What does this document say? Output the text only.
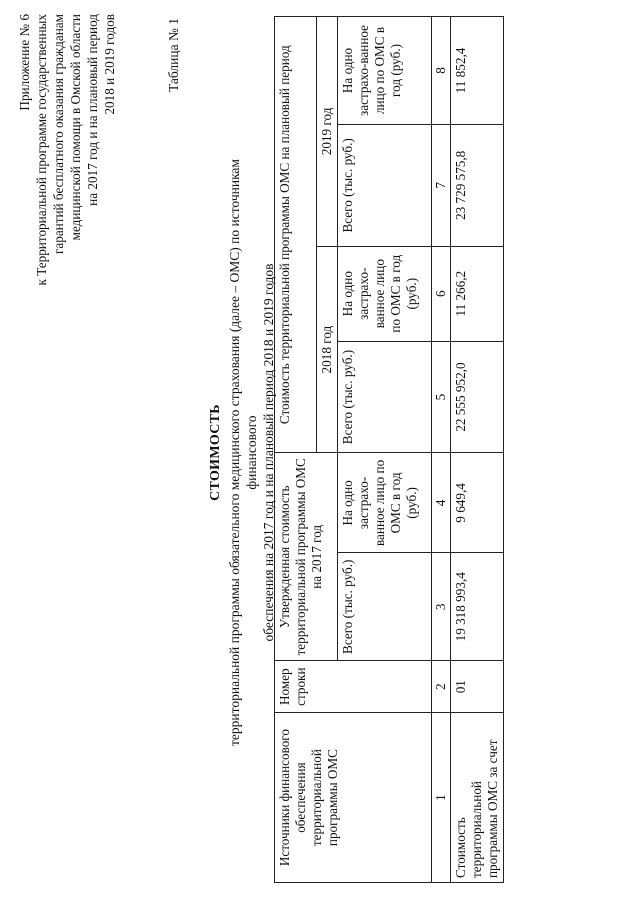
Приложение № 6 к Территориальной программе государственных гарантий бесплатного оказания гражданам медицинской помощи в Омской области на 2017 год и на плановый период 2018 и 2019 годов	Таблица № 1
СТОИМОСТЬ территориальной программы обязательного медицинского страхования (далее – ОМС) по источникам финансового обеспечения на 2017 год и на плановый период 2018 и 2019 годов
Источники финансового обеспечения территориальной программы ОМС	Номер строки	Утвержденная стоимость территориальной программы ОМС на 2017 год		Стоимость территориальной программы ОМС на плановый период			
				2018 год		2019 год	
		Всего (тыс. руб.)	На одно застрахо-ванное лицо по ОМС в год (руб.)	Всего (тыс. руб.)	На одно застрахо-ванное лицо по ОМС в год (руб.)	Всего (тыс. руб.)	На одно застрахо-ванное лицо по ОМС в год (руб.)
1	2	3	4	5	6	7	8
Стоимость территориальной программы ОМС за счет	01	19 318 993,4	9 649,4	22 555 952,0	11 266,2	23 729 575,8	11 852,4
